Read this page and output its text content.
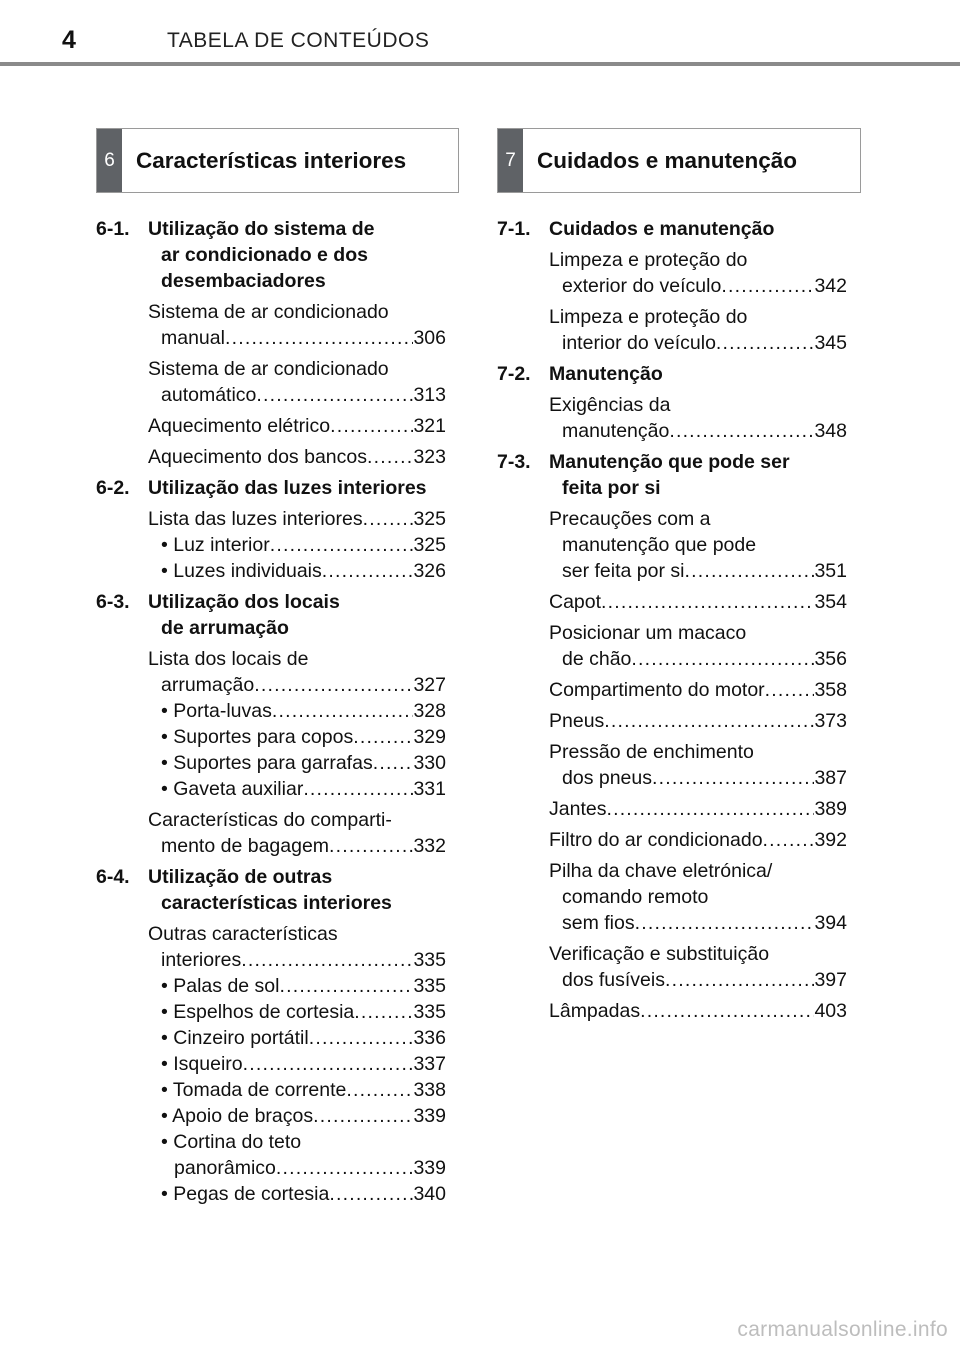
4	TABELA DE CONTEÚDOS
6 Características interiores	7 Cuidados e manutenção
6-1. Utilização do sistema de
ar condicionado e dos
desembaciadores
Sistema de ar condicionado
manual .....	306
Sistema de ar condicionado
automático .....	313
Aquecimento elétrico .....	321
Aquecimento dos bancos ..... 323
6-2. Utilização das luzes interiores
Lista das luzes interiores .....	325
• Luz interior .....	325
• Luzes individuais .....	326
6-3. Utilização dos locais
de arrumação
Lista dos locais de
arrumação .....	327
• Porta-luvas .....	328
• Suportes para copos .....	329
• Suportes para garrafas ..... 330
• Gaveta auxiliar .....	331
Características do comparti-
mento de bagagem .....	332
6-4. Utilização de outras
características interiores
Outras características
interiores .....	335
• Palas de sol .....	335
• Espelhos de cortesia .....	335
• Cinzeiro portátil .....	336
• Isqueiro .....	337
• Tomada de corrente .....	338
• Apoio de braços .....	339
• Cortina do teto
panorâmico .....	339
• Pegas de cortesia .....	340
7-1. Cuidados e manutenção
Limpeza e proteção do
exterior do veículo .....	342
Limpeza e proteção do
interior do veículo .....	345
7-2. Manutenção
Exigências da
manutenção .....	348
7-3. Manutenção que pode ser
feita por si
Precauções com a
manutenção que pode
ser feita por si .....	351
Capot .....	354
Posicionar um macaco
de chão .....	356
Compartimento do motor .....	358
Pneus .....	373
Pressão de enchimento
dos pneus .....	387
Jantes .....	389
Filtro do ar condicionado .....	392
Pilha da chave eletrónica/
comando remoto
sem fios .....	394
Verificação e substituição
dos fusíveis .....	397
Lâmpadas .....	403
carmanualsonline.info
